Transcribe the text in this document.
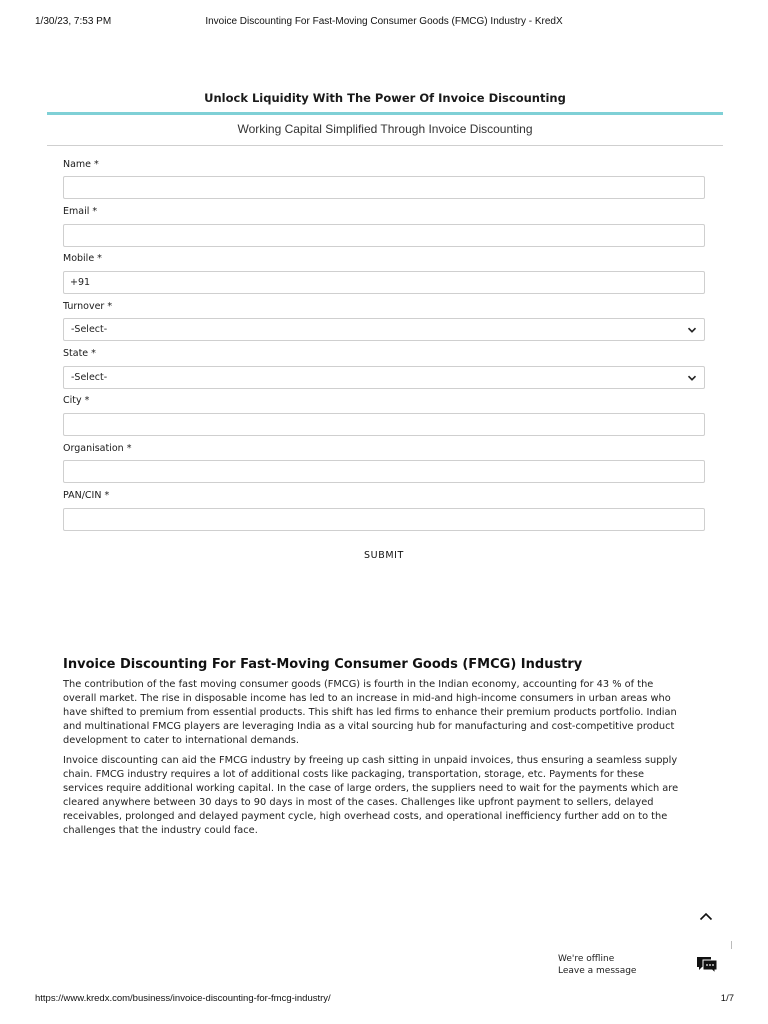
1/30/23, 7:53 PM	Invoice Discounting For Fast-Moving Consumer Goods (FMCG) Industry - KredX
Unlock Liquidity With The Power Of Invoice Discounting
Working Capital Simplified Through Invoice Discounting
Name *
Email *
Mobile *
+91
Turnover *
-Select-
State *
-Select-
City *
Organisation *
PAN/CIN *
SUBMIT
Invoice Discounting For Fast-Moving Consumer Goods (FMCG) Industry
The contribution of the fast moving consumer goods (FMCG) is fourth in the Indian economy, accounting for 43 % of the
overall market. The rise in disposable income has led to an increase in mid-and high-income consumers in urban areas who
have shifted to premium from essential products. This shift has led firms to enhance their premium products portfolio. Indian
and multinational FMCG players are leveraging India as a vital sourcing hub for manufacturing and cost-competitive product
development to cater to international demands.
Invoice discounting can aid the FMCG industry by freeing up cash sitting in unpaid invoices, thus ensuring a seamless supply
chain. FMCG industry requires a lot of additional costs like packaging, transportation, storage, etc. Payments for these
services require additional working capital. In the case of large orders, the suppliers need to wait for the payments which are
cleared anywhere between 30 days to 90 days in most of the cases. Challenges like upfront payment to sellers, delayed
receivables, prolonged and delayed payment cycle, high overhead costs, and operational inefficiency further add on to the
challenges that the industry could face.
We're offline
Leave a message
https://www.kredx.com/business/invoice-discounting-for-fmcg-industry/	1/7
